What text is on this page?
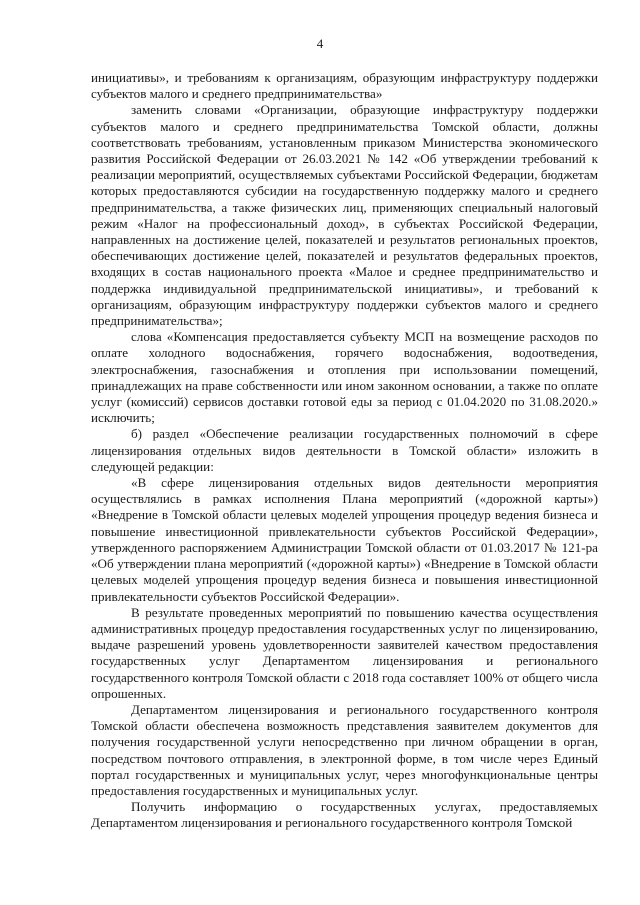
4

инициативы», и требованиям к организациям, образующим инфраструктуру поддержки субъектов малого и среднего предпринимательства»

заменить словами «Организации, образующие инфраструктуру поддержки субъектов малого и среднего предпринимательства Томской области, должны соответствовать требованиям, установленным приказом Министерства экономического развития Российской Федерации от 26.03.2021 № 142 «Об утверждении требований к реализации мероприятий, осуществляемых субъектами Российской Федерации, бюджетам которых предоставляются субсидии на государственную поддержку малого и среднего предпринимательства, а также физических лиц, применяющих специальный налоговый режим «Налог на профессиональный доход», в субъектах Российской Федерации, направленных на достижение целей, показателей и результатов региональных проектов, обеспечивающих достижение целей, показателей и результатов федеральных проектов, входящих в состав национального проекта «Малое и среднее предпринимательство и поддержка индивидуальной предпринимательской инициативы», и требований к организациям, образующим инфраструктуру поддержки субъектов малого и среднего предпринимательства»;

слова «Компенсация предоставляется субъекту МСП на возмещение расходов по оплате холодного водоснабжения, горячего водоснабжения, водоотведения, электроснабжения, газоснабжения и отопления при использовании помещений, принадлежащих на праве собственности или ином законном основании, а также по оплате услуг (комиссий) сервисов доставки готовой еды за период с 01.04.2020 по 31.08.2020.» исключить;

б) раздел «Обеспечение реализации государственных полномочий в сфере лицензирования отдельных видов деятельности в Томской области» изложить в следующей редакции:

«В сфере лицензирования отдельных видов деятельности мероприятия осуществлялись в рамках исполнения Плана мероприятий («дорожной карты») «Внедрение в Томской области целевых моделей упрощения процедур ведения бизнеса и повышение инвестиционной привлекательности субъектов Российской Федерации», утвержденного распоряжением Администрации Томской области от 01.03.2017 № 121-ра «Об утверждении плана мероприятий («дорожной карты») «Внедрение в Томской области целевых моделей упрощения процедур ведения бизнеса и повышения инвестиционной привлекательности субъектов Российской Федерации».

В результате проведенных мероприятий по повышению качества осуществления административных процедур предоставления государственных услуг по лицензированию, выдаче разрешений уровень удовлетворенности заявителей качеством предоставления государственных услуг Департаментом лицензирования и регионального государственного контроля Томской области с 2018 года составляет 100% от общего числа опрошенных.

Департаментом лицензирования и регионального государственного контроля Томской области обеспечена возможность представления заявителем документов для получения государственной услуги непосредственно при личном обращении в орган, посредством почтового отправления, в электронной форме, в том числе через Единый портал государственных и муниципальных услуг, через многофункциональные центры предоставления государственных и муниципальных услуг.

Получить информацию о государственных услугах, предоставляемых Департаментом лицензирования и регионального государственного контроля Томской
